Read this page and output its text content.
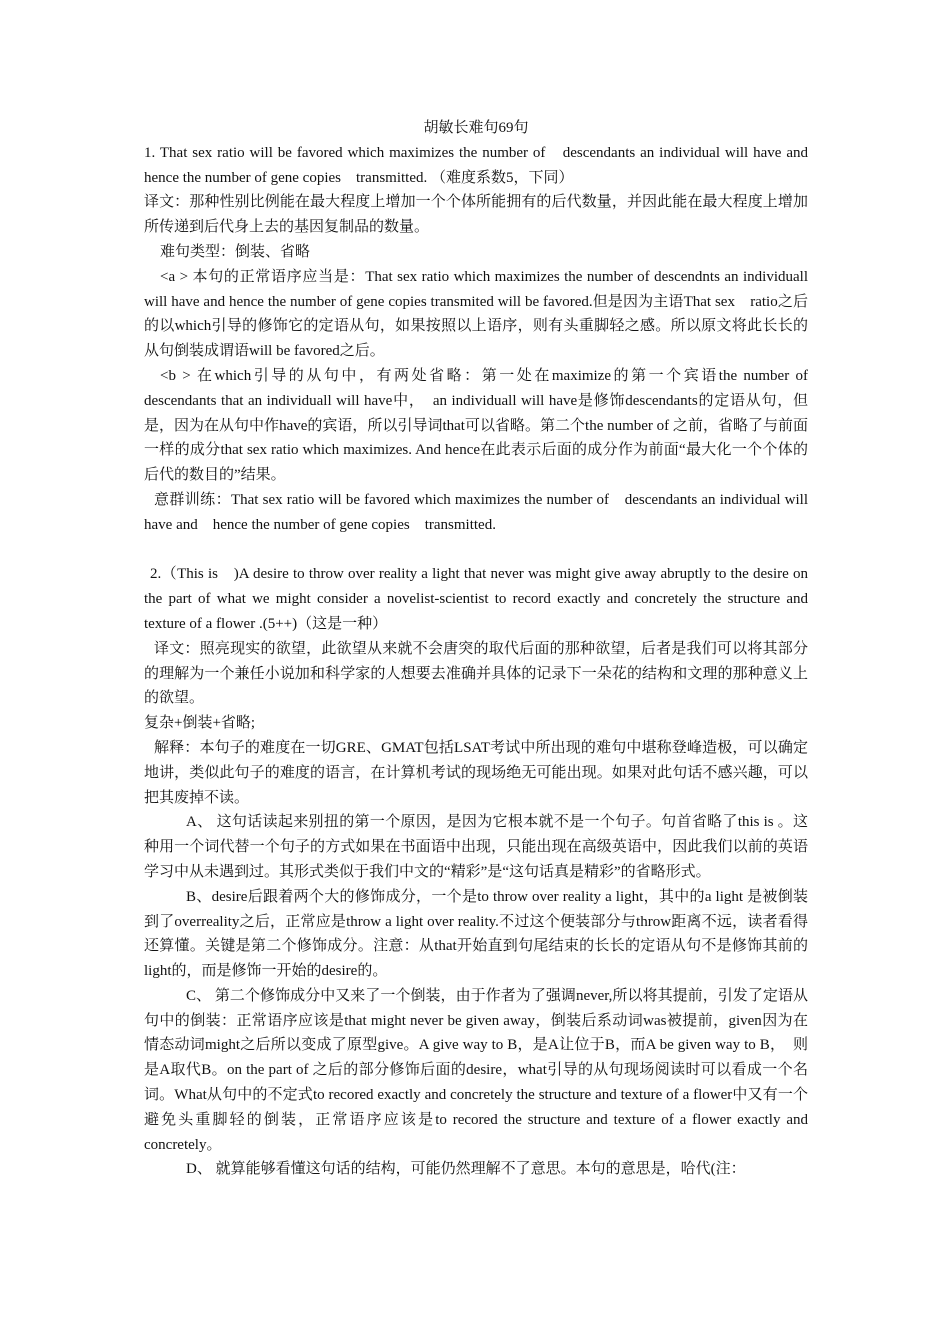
胡敏长难句69句

1. That sex ratio will be favored which maximizes the number of　descendants an individual will have and　hence the number of gene copies　transmitted. （难度系数5，下同）

译文：那种性别比例能在最大程度上增加一个个体所能拥有的后代数量，并因此能在最大程度上增加所传递到后代身上去的基因复制品的数量。

难句类型：倒装、省略

<a > 本句的正常语序应当是：That sex ratio which maximizes the number of descendnts an individuall will have and hence the number of gene copies transmited will be favored.但是因为主语That sex　ratio之后的以which引导的修饰它的定语从句，如果按照以上语序，则有头重脚轻之感。所以原文将此长长的从句倒装成谓语will be favored之后。

<b > 在which引导的从句中，有两处省略：第一处在maximize的第一个宾语the number of descendants that an individuall will have中，　an individuall will have是修饰descendants的定语从句，但是，因为在从句中作have的宾语，所以引导词that可以省略。第二个the number of 之前，省略了与前面一样的成分that sex ratio which maximizes. And hence在此表示后面的成分作为前面“最大化一个个体的后代的数目的”结果。

意群训练：That sex ratio will be favored which maximizes the number of　descendants an individual will have and　hence the number of gene copies　transmitted.

2.（This is　)A desire to throw over reality a light that never was might give away abruptly to the desire on the part of what we might consider a novelist-scientist to record exactly and concretely the structure and texture of a flower .(5++)（这是一种）

译文：照亮现实的欲望，此欲望从来就不会唐突的取代后面的那种欲望，后者是我们可以将其部分的理解为一个兼任小说加和科学家的人想要去准确并具体的记录下一朵花的结构和文理的那种意义上的欲望。

复杂+倒装+省略;

解释：本句子的难度在一切GRE、GMAT包括LSAT考试中所出现的难句中堪称登峰造极，可以确定地讲，类似此句子的难度的语言，在计算机考试的现场绝无可能出现。如果对此句话不感兴趣，可以把其废掉不读。

A、 这句话读起来别扭的第一个原因，是因为它根本就不是一个句子。句首省略了this is 。这种用一个词代替一个句子的方式如果在书面语中出现，只能出现在高级英语中，因此我们以前的英语学习中从未遇到过。其形式类似于我们中文的“精彩”是“这句话真是精彩”的省略形式。

B、desire后跟着两个大的修饰成分，一个是to throw over reality a light，其中的a light 是被倒装到了overreality之后，正常应是throw a light over reality.不过这个便装部分与throw距离不远，读者看得还算懂。关键是第二个修饰成分。注意：从that开始直到句尾结束的长长的定语从句不是修饰其前的light的，而是修饰一开始的desire的。

C、 第二个修饰成分中又来了一个倒装，由于作者为了强调never,所以将其提前，引发了定语从句中的倒装：正常语序应该是that might never be given away，倒装后系动词was被提前，given因为在情态动词might之后所以变成了原型give。A give way to B，是A让位于B，而A be given way to B，　则是A取代B。on the part of 之后的部分修饰后面的desire，what引导的从句现场阅读时可以看成一个名词。What从句中的不定式to recored exactly and concretely the structure and texture of a flower中又有一个避免头重脚轻的倒装，正常语序应该是to recored the structure and texture of a flower exactly and concretely。

D、 就算能够看懂这句话的结构，可能仍然理解不了意思。本句的意思是，哈代(注：
